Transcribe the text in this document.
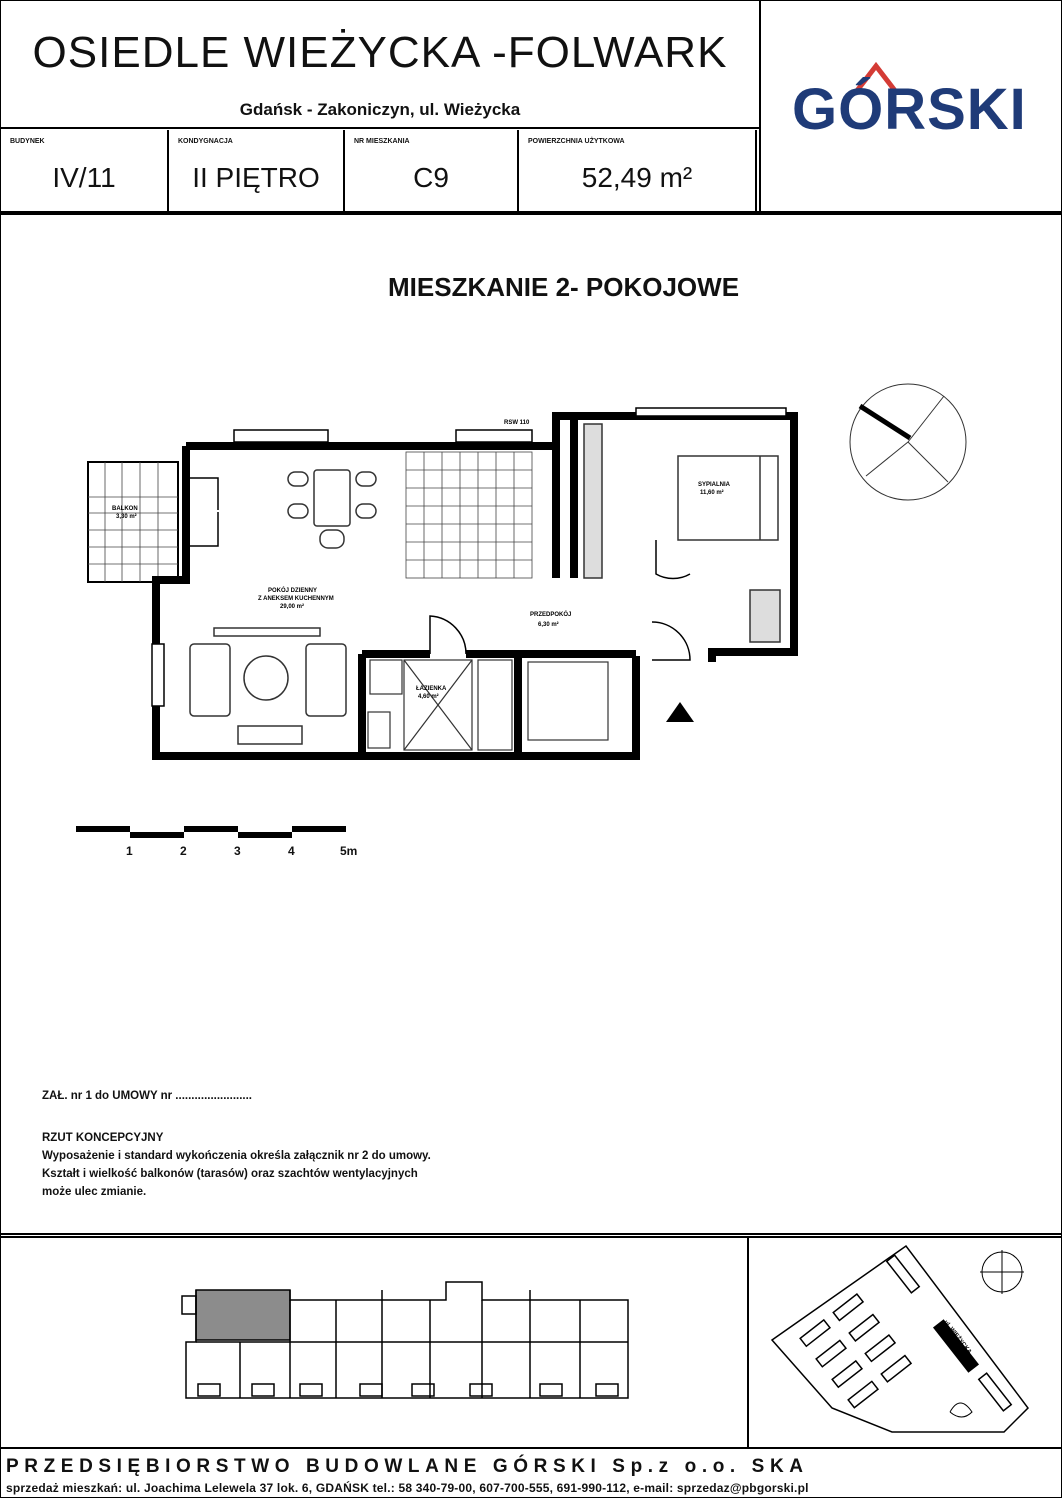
BALKON
3,30 m²
POKÓJ DZIENNY
Z ANEKSEM KUCHENNYM
29,00 m²
SYPIALNIA
11,60 m²
PRZEDPOKÓJ
6,30 m²
ŁAZIENKA
4,60 m²
RSW 110
ul. WIEŻYCKA
OSIEDLE WIEŻYCKA -FOLWARK
Gdańsk - Zakoniczyn, ul. Wieżycka	GÓRSKI
BUDYNEK
IV/11
KONDYGNACJA
II PIĘTRO
NR MIESZKANIA
C9
POWIERZCHNIA UŻYTKOWA
52,49 m²
MIESZKANIE 2- POKOJOWE
1	2	3	4	5m
ZAŁ. nr 1 do UMOWY nr ........................
RZUT KONCEPCYJNY
Wyposażenie i standard wykończenia określa załącznik nr 2 do umowy.
Kształt i wielkość balkonów (tarasów) oraz szachtów wentylacyjnych
może ulec zmianie.
PRZEDSIĘBIORSTWO BUDOWLANE GÓRSKI Sp.z o.o. SKA
sprzedaż mieszkań: ul. Joachima Lelewela 37 lok. 6, GDAŃSK tel.: 58 340-79-00, 607-700-555, 691-990-112, e-mail: sprzedaz@pbgorski.pl
